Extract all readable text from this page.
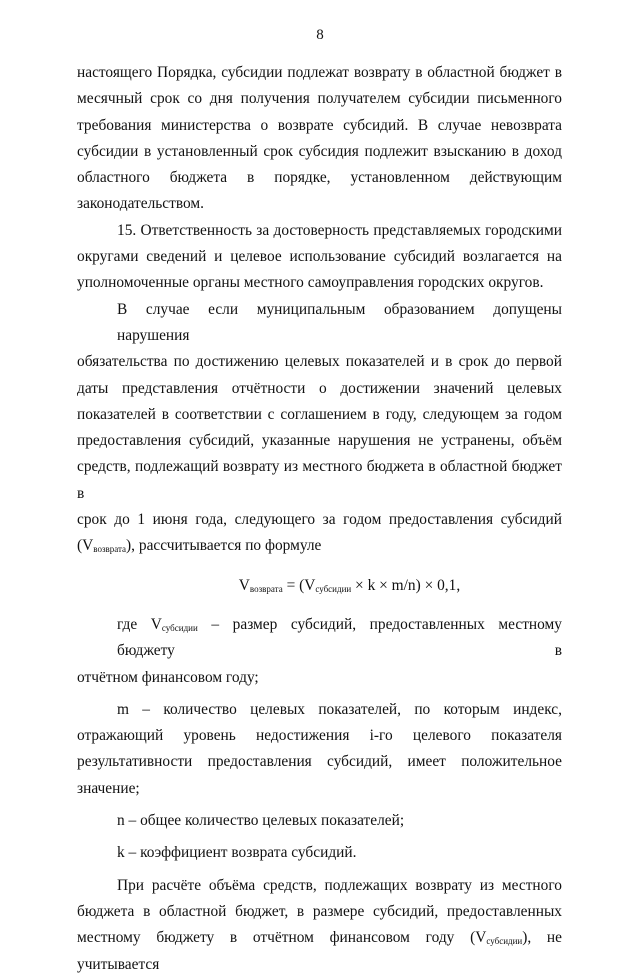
8

настоящего Порядка, субсидии подлежат возврату в областной бюджет в
месячный срок со дня получения получателем субсидии письменного
требования министерства о возврате субсидий. В случае невозврата
субсидии в установленный срок субсидия подлежит взысканию в доход
областного бюджета в порядке, установленном действующим
законодательством.

15. Ответственность за достоверность представляемых городскими
округами сведений и целевое использование субсидий возлагается на
уполномоченные органы местного самоуправления городских округов.

В случае если муниципальным образованием допущены нарушения
обязательства по достижению целевых показателей и в срок до первой
даты представления отчётности о достижении значений целевых
показателей в соответствии с соглашением в году, следующем за годом
предоставления субсидий, указанные нарушения не устранены, объём
средств, подлежащий возврату из местного бюджета в областной бюджет в
срок до 1 июня года, следующего за годом предоставления субсидий
$(V_{возврата})$, рассчитывается по формуле

$V_{возврата} = (V_{субсидии} \times k \times m/n) \times 0,1$,

где $V_{субсидии}$ – размер субсидий, предоставленных местному бюджету в
отчётном финансовом году;

m – количество целевых показателей, по которым индекс,
отражающий уровень недостижения i-го целевого показателя
результативности предоставления субсидий, имеет положительное
значение;

n – общее количество целевых показателей;

k – коэффициент возврата субсидий.

При расчёте объёма средств, подлежащих возврату из местного
бюджета в областной бюджет, в размере субсидий, предоставленных
местному бюджету в отчётном финансовом году $(V_{субсидии})$, не учитывается
